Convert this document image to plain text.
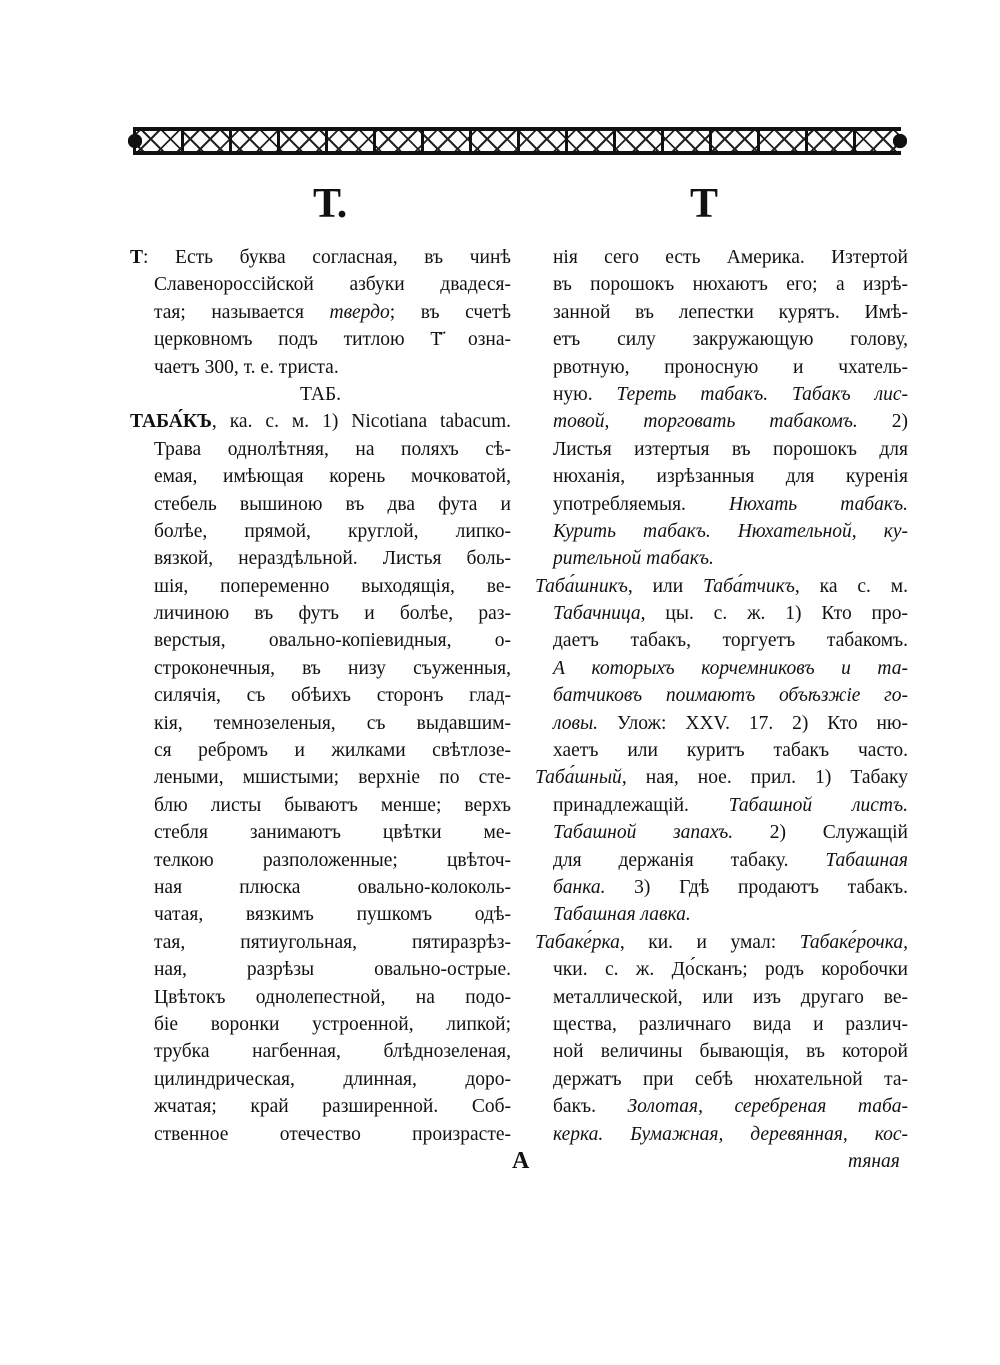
Т.	Т
Т: Есть буква согласная, въ чинѣ
Славенороссійской азбуки двадеся-
тая; называется твердо; въ счетѣ
церковномъ подъ титлою Т҃ озна-
чаетъ 300, т. е. триста.
ТАБ.
ТАБА́КЪ, ка. с. м. 1) Nicotiana tabacum.
Трава однолѣтняя, на поляхъ сѣ-
емая, имѣющая корень мочковатой,
стебель вышиною въ два фута и
болѣе, прямой, круглой, липко-
вязкой, нераздѣльной. Листья боль-
шія, попеременно выходящія, ве-
личиною въ футъ и болѣе, раз-
верстыя, овально-копіевидныя, о-
строконечныя, въ низу съуженныя,
силячія, съ обѣихъ сторонъ глад-
кія, темнозеленыя, съ выдавшим-
ся ребромъ и жилками свѣтлозе-
леными, мшистыми; верхніе по сте-
блю листы бываютъ менше; верхъ
стебля занимаютъ цвѣтки ме-
телкою разположенные; цвѣточ-
ная плюска овально-колоколь-
чатая, вязкимъ пушкомъ одѣ-
тая, пятиугольная, пятиразрѣз-
ная, разрѣзы овально-острые.
Цвѣтокъ однолепестной, на подо-
біе воронки устроенной, липкой;
трубка нагбенная, блѣднозеленая,
цилиндрическая, длинная, доро-
жчатая; край разширенной. Соб-
ственное отечество произрасте-
нія сего есть Америка. Изтертой
въ порошокъ нюхаютъ его; а изрѣ-
занной въ лепестки курятъ. Имѣ-
етъ силу закружающую голову,
рвотную, проносную и чхатель-
ную. Тереть табакъ. Табакъ лис-
товой, торговать табакомъ. 2)
Листья изтертыя въ порошокъ для
нюханія, изрѣзанныя для куренія
употребляемыя. Нюхать табакъ.
Курить табакъ. Нюхательной, ку-
рительной табакъ.
Таба́шникъ, или Таба́тчикъ, ка с. м.
Табачница, цы. с. ж. 1) Кто про-
даетъ табакъ, торгуетъ табакомъ.
А которыхъ корчемниковъ и та-
батчиковъ поимаютъ объѣзжіе го-
ловы. Улож: XXV. 17. 2) Кто ню-
хаетъ или куритъ табакъ часто.
Таба́шный, ная, ное. прил. 1) Табаку
принадлежащій. Табашной листъ.
Табашной запахъ. 2) Служащій
для держанія табаку. Табашная
банка. 3) Гдѣ продаютъ табакъ.
Табашная лавка.
Табаке́рка, ки. и умал: Табаке́рочка,
чки. с. ж. До́сканъ; родъ коробочки
металлической, или изъ другаго ве-
щества, различнаго вида и различ-
ной величины бывающія, въ которой
держатъ при себѣ нюхательной та-
бакъ. Золотая, серебреная таба-
керка. Бумажная, деревянная, кос-
А	тяная
